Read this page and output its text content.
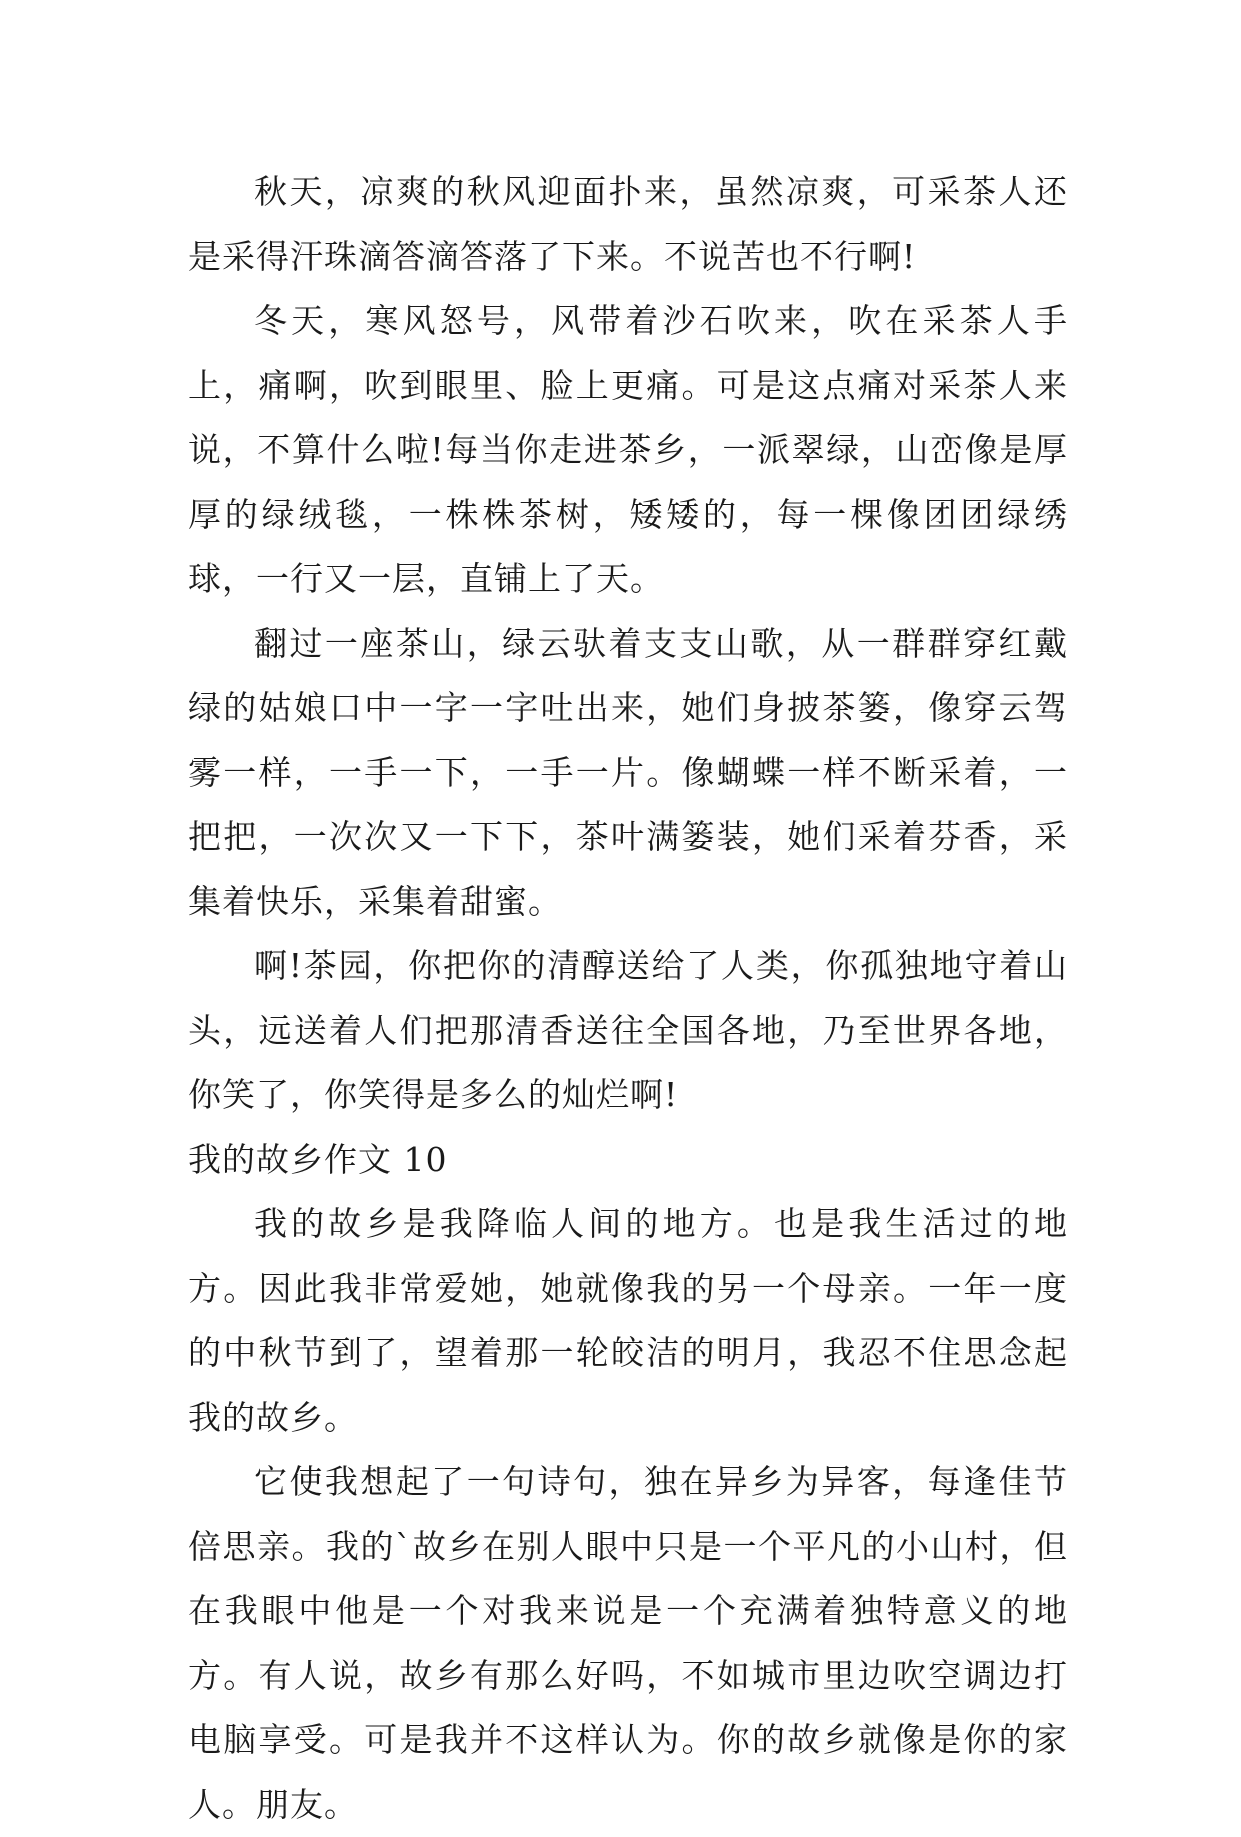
秋天，凉爽的秋风迎面扑来，虽然凉爽，可采茶人还是采得汗珠滴答滴答落了下来。不说苦也不行啊!

冬天，寒风怒号，风带着沙石吹来，吹在采茶人手上，痛啊，吹到眼里、脸上更痛。可是这点痛对采茶人来说，不算什么啦!每当你走进茶乡，一派翠绿，山峦像是厚厚的绿绒毯，一株株茶树，矮矮的，每一棵像团团绿绣球，一行又一层，直铺上了天。

翻过一座茶山，绿云驮着支支山歌，从一群群穿红戴绿的姑娘口中一字一字吐出来，她们身披茶篓，像穿云驾雾一样，一手一下，一手一片。像蝴蝶一样不断采着，一把把，一次次又一下下，茶叶满篓装，她们采着芬香，采集着快乐，采集着甜蜜。

啊!茶园，你把你的清醇送给了人类，你孤独地守着山头，远送着人们把那清香送往全国各地，乃至世界各地，你笑了，你笑得是多么的灿烂啊!

我的故乡作文 10

我的故乡是我降临人间的地方。也是我生活过的地方。因此我非常爱她，她就像我的另一个母亲。一年一度的中秋节到了，望着那一轮皎洁的明月，我忍不住思念起我的故乡。

它使我想起了一句诗句，独在异乡为异客，每逢佳节倍思亲。我的`故乡在别人眼中只是一个平凡的小山村，但在我眼中他是一个对我来说是一个充满着独特意义的地方。有人说，故乡有那么好吗，不如城市里边吹空调边打电脑享受。可是我并不这样认为。你的故乡就像是你的家人。朋友。
